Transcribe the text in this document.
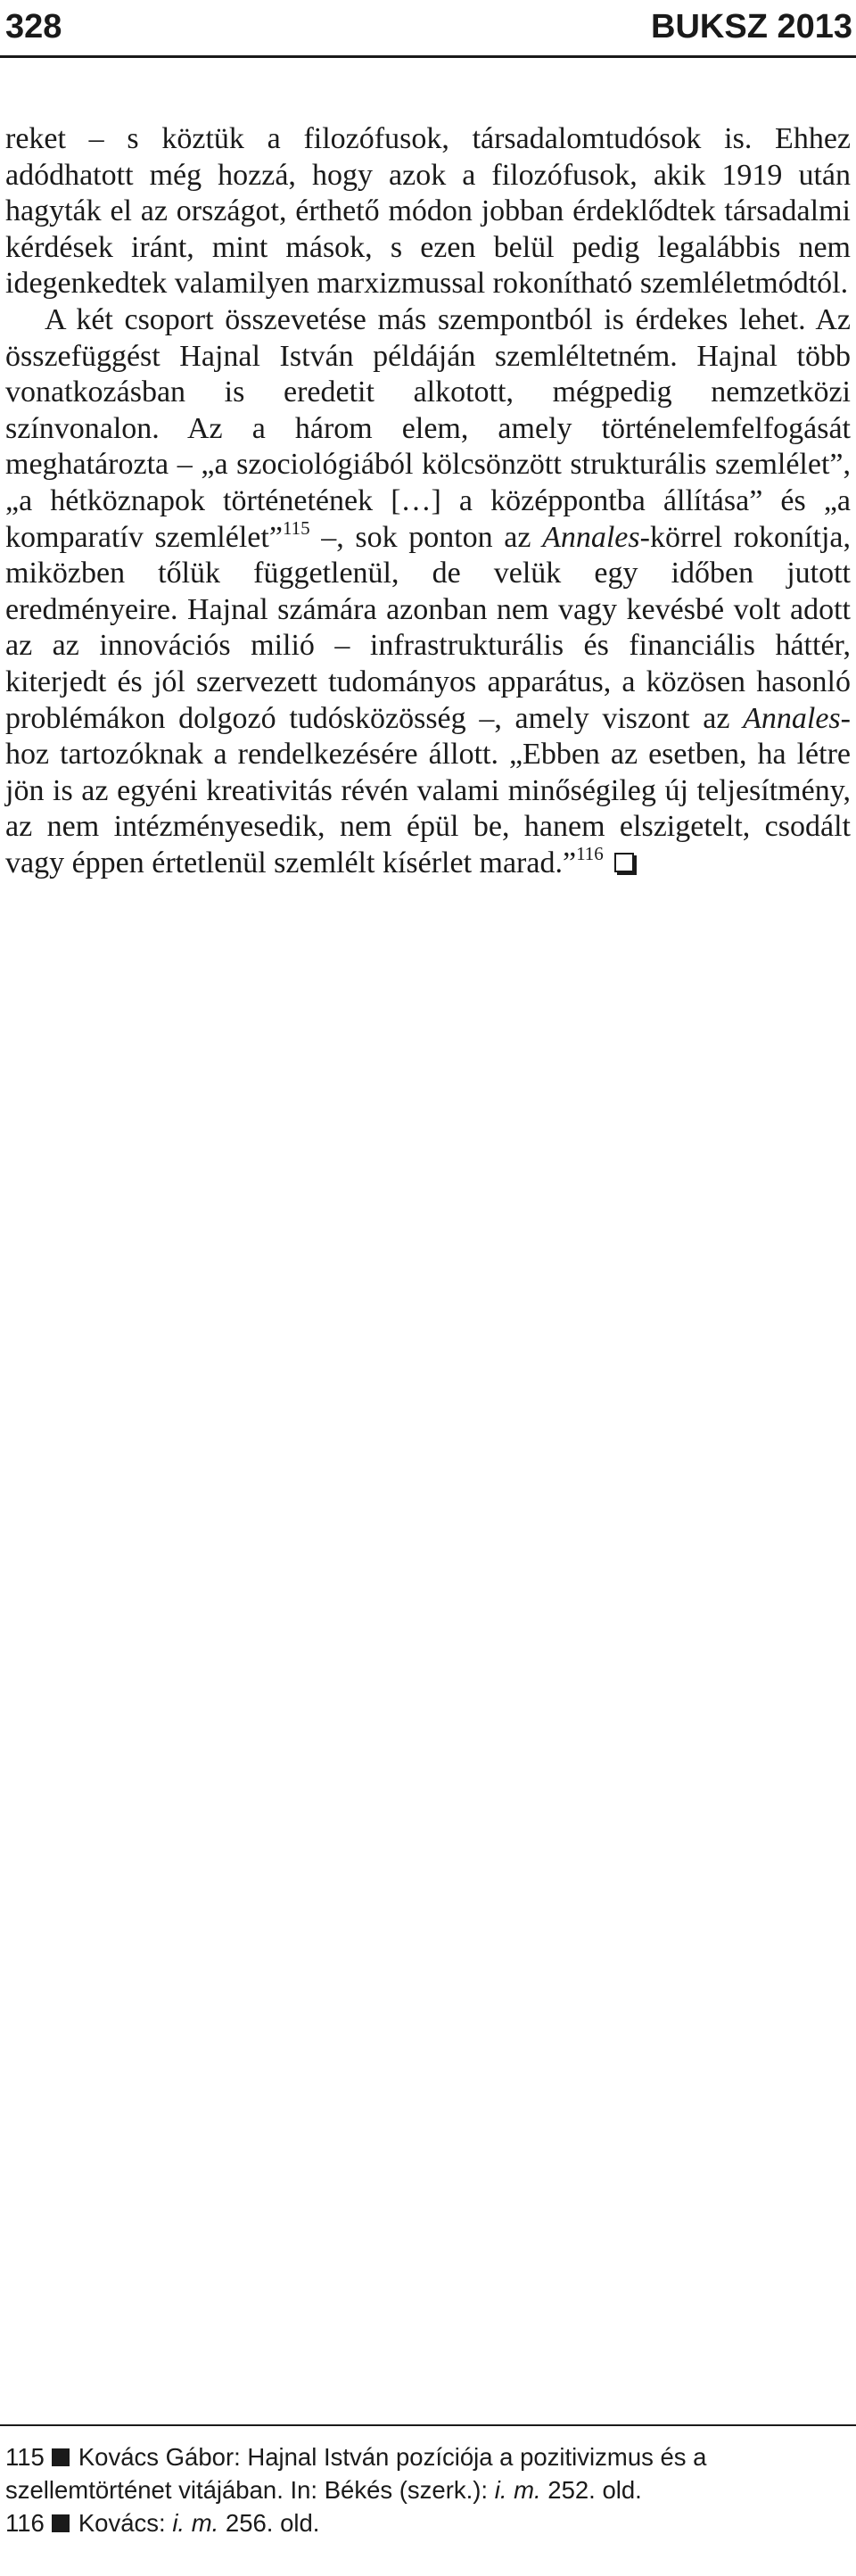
328	BUKSZ 2013

reket – s köztük a filozófusok, társadalomtudósok is. Ehhez adódhatott még hozzá, hogy azok a filozófusok, akik 1919 után hagyták el az országot, érthető módon jobban érdeklődtek társadalmi kérdések iránt, mint mások, s ezen belül pedig legalábbis nem idegenkedtek valamilyen marxizmussal rokonítható szemléletmódtól.

A két csoport összevetése más szempontból is érdekes lehet. Az összefüggést Hajnal István példáján szemléltetném. Hajnal több vonatkozásban is eredetit alkotott, mégpedig nemzetközi színvonalon. Az a három elem, amely történelemfelfogását meghatározta – „a szociológiából kölcsönzött strukturális szemlélet”, „a hétköznapok történetének […] a középpontba állítása” és „a komparatív szemlélet”$^{115}$ –, sok ponton az Annales-körrel rokonítja, miközben tőlük függetlenül, de velük egy időben jutott eredményeire. Hajnal számára azonban nem vagy kevésbé volt adott az az innovációs milió – infrastrukturális és financiális háttér, kiterjedt és jól szervezett tudományos apparátus, a közösen hasonló problémákon dolgozó tudósközösség –, amely viszont az Annales-hoz tartozóknak a rendelkezésére állott. „Ebben az esetben, ha létre jön is az egyéni kreativitás révén valami minőségileg új teljesítmény, az nem intézményesedik, nem épül be, hanem elszigetelt, csodált vagy éppen értetlenül szemlélt kísérlet marad.”$^{116}$

115 Kovács Gábor: Hajnal István pozíciója a pozitivizmus és a szellemtörténet vitájában. In: Békés (szerk.): i. m. 252. old.

116 Kovács: i. m. 256. old.
